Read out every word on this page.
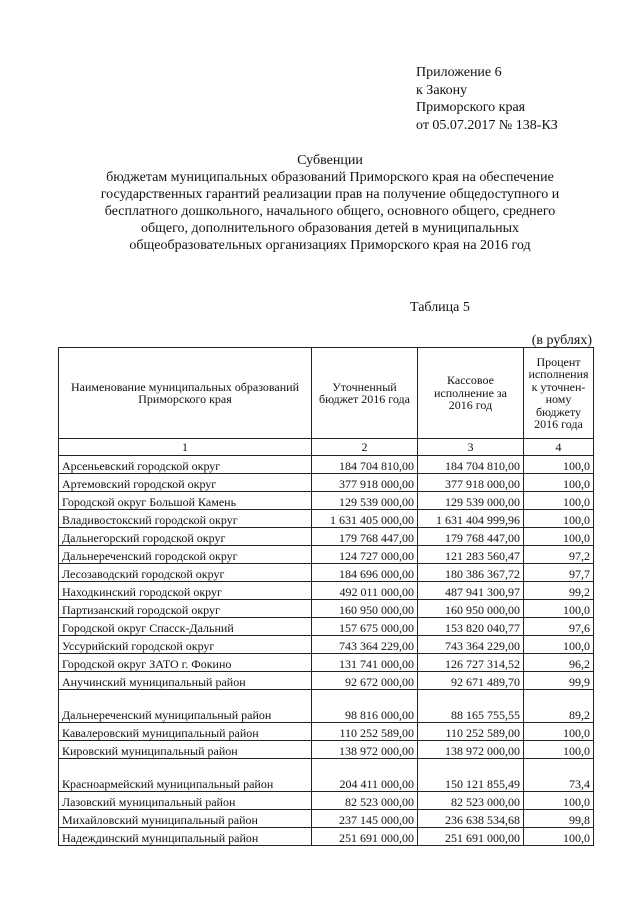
Приложение 6
к Закону
Приморского края
от 05.07.2017 № 138-КЗ
Субвенции
бюджетам муниципальных образований Приморского края на обеспечение
государственных гарантий реализации прав на получение общедоступного и
бесплатного дошкольного, начального общего, основного общего, среднего
общего, дополнительного образования детей в муниципальных
общеобразовательных организациях Приморского края на 2016 год
Таблица 5
(в рублях)
Наименование муниципальных образований Приморского края	Уточненный бюджет 2016 года	Кассовое исполнение за 2016 год	Процент исполнения к уточнен-ному бюджету 2016 года
1	2	3	4
Арсеньевский городской округ	184 704 810,00	184 704 810,00	100,0
Артемовский городской округ	377 918 000,00	377 918 000,00	100,0
Городской округ Большой Камень	129 539 000,00	129 539 000,00	100,0
Владивостокский городской округ	1 631 405 000,00	1 631 404 999,96	100,0
Дальнегорский городской округ	179 768 447,00	179 768 447,00	100,0
Дальнереченский городской округ	124 727 000,00	121 283 560,47	97,2
Лесозаводский городской округ	184 696 000,00	180 386 367,72	97,7
Находкинский городской округ	492 011 000,00	487 941 300,97	99,2
Партизанский городской округ	160 950 000,00	160 950 000,00	100,0
Городской округ Спасск-Дальний	157 675 000,00	153 820 040,77	97,6
Уссурийский городской округ	743 364 229,00	743 364 229,00	100,0
Городской округ ЗАТО г. Фокино	131 741 000,00	126 727 314,52	96,2
Анучинский муниципальный район	92 672 000,00	92 671 489,70	99,9
Дальнереченский муниципальный район	98 816 000,00	88 165 755,55	89,2
Кавалеровский муниципальный район	110 252 589,00	110 252 589,00	100,0
Кировский муниципальный район	138 972 000,00	138 972 000,00	100,0
Красноармейский муниципальный район	204 411 000,00	150 121 855,49	73,4
Лазовский муниципальный район	82 523 000,00	82 523 000,00	100,0
Михайловский муниципальный район	237 145 000,00	236 638 534,68	99,8
Надеждинский муниципальный район	251 691 000,00	251 691 000,00	100,0
